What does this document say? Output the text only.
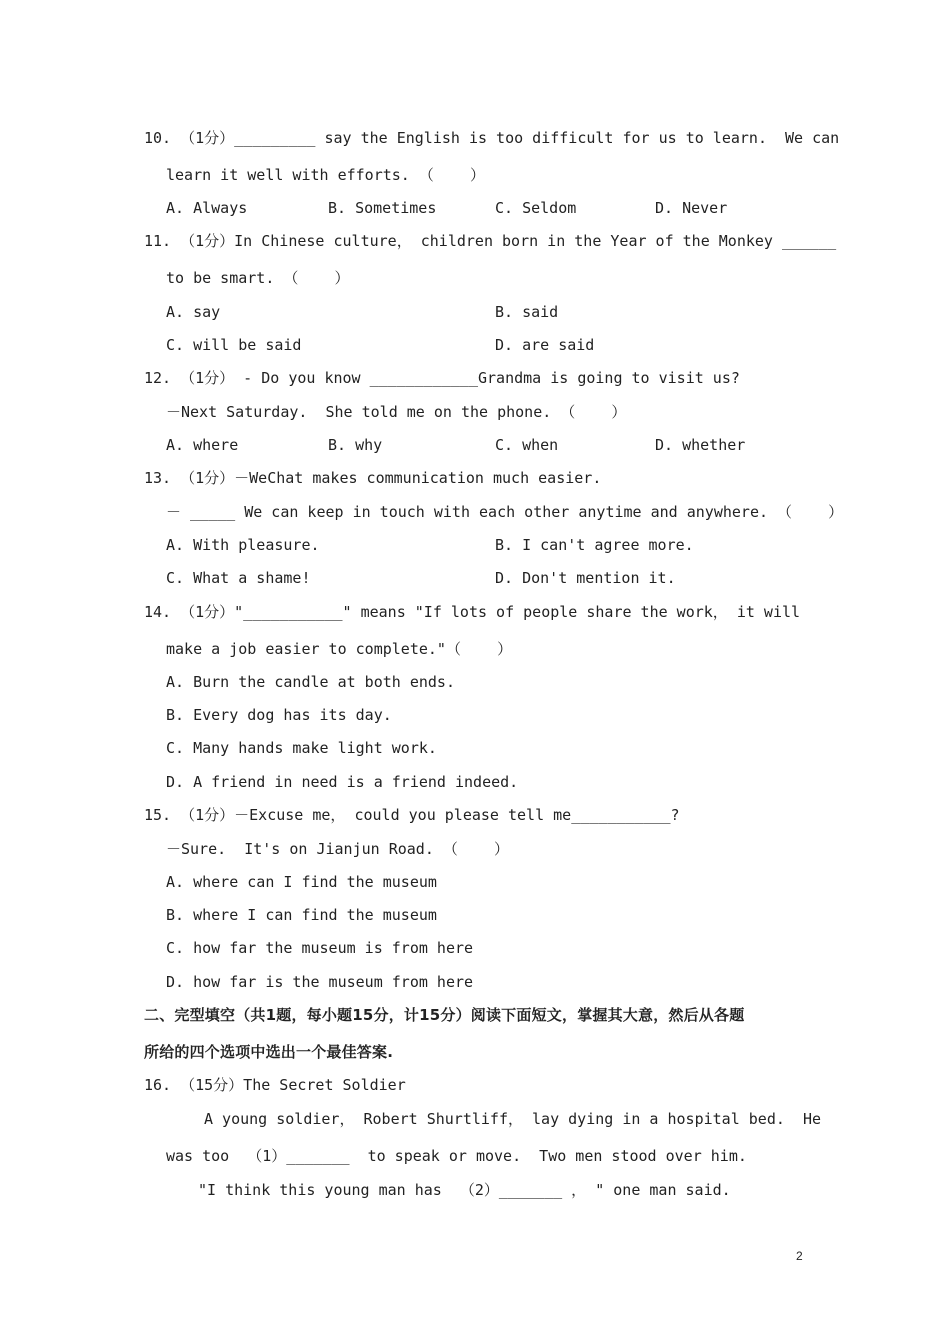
10. （1分）_________ say the English is too difficult for us to learn.  We can
learn it well with efforts. （    ）
A. Always	B. Sometimes	C. Seldom	D. Never
11. （1分）In Chinese culture， children born in the Year of the Monkey ______
to be smart. （    ）
A. say	B. said
C. will be said	D. are said
12. （1分） - Do you know ____________Grandma is going to visit us?
－Next Saturday.  She told me on the phone. （    ）
A. where	B. why	C. when	D. whether
13. （1分）－WeChat makes communication much easier.
－ _____ We can keep in touch with each other anytime and anywhere. （    ）
A. With pleasure.	B. I can't agree more.
C. What a shame!	D. Don't mention it.
14. （1分）"___________" means "If lots of people share the work， it will
make a job easier to complete."（    ）
A. Burn the candle at both ends.
B. Every dog has its day.
C. Many hands make light work.
D. A friend in need is a friend indeed.
15. （1分）－Excuse me， could you please tell me___________?
－Sure.  It's on Jianjun Road. （    ）
A. where can I find the museum
B. where I can find the museum
C. how far the museum is from here
D. how far is the museum from here
二、完型填空（共1题，每小题15分，计15分）阅读下面短文，掌握其大意，然后从各题
所给的四个选项中选出一个最佳答案.
16. （15分）The Secret Soldier
A young soldier， Robert Shurtliff， lay dying in a hospital bed.  He
was too  （1）_______  to speak or move.  Two men stood over him.
"I think this young man has  （2）_______ ， " one man said.
2
